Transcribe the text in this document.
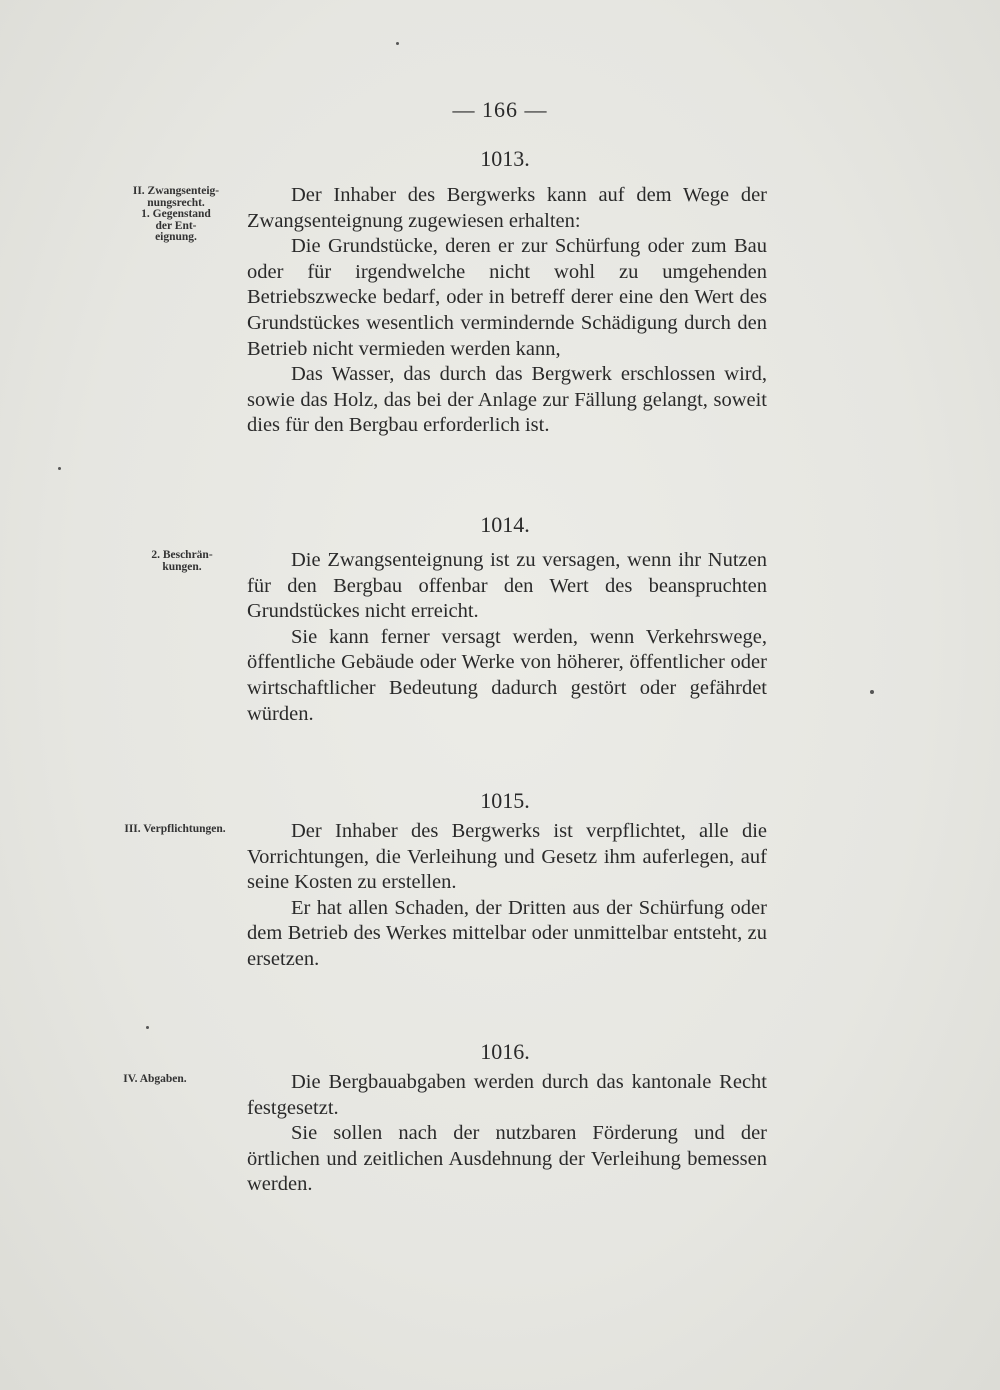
— 166 —
1013.
II. Zwangsenteig-
nungsrecht.
1. Gegenstand
der Ent-
eignung.

Der Inhaber des Bergwerks kann auf dem Wege der Zwangsenteignung zugewiesen erhalten:

Die Grundstücke, deren er zur Schürfung oder zum Bau oder für irgendwelche nicht wohl zu umgehenden Betriebszwecke bedarf, oder in betreff derer eine den Wert des Grundstückes wesentlich vermindernde Schädigung durch den Betrieb nicht vermieden werden kann,

Das Wasser, das durch das Bergwerk erschlossen wird, sowie das Holz, das bei der Anlage zur Fällung gelangt, soweit dies für den Bergbau erforderlich ist.

1014.
2. Beschrän-
kungen.	Die Zwangsenteignung ist zu versagen, wenn ihr Nutzen für den Bergbau offenbar den Wert des beanspruchten Grundstückes nicht erreicht.

Sie kann ferner versagt werden, wenn Verkehrswege, öffentliche Gebäude oder Werke von höherer, öffentlicher oder wirtschaftlicher Bedeutung dadurch gestört oder gefährdet würden.

1015.
III. Verpflichtungen.	Der Inhaber des Bergwerks ist verpflichtet, alle die Vorrichtungen, die Verleihung und Gesetz ihm auferlegen, auf seine Kosten zu erstellen.

Er hat allen Schaden, der Dritten aus der Schürfung oder dem Betrieb des Werkes mittelbar oder unmittelbar entsteht, zu ersetzen.

1016.
IV. Abgaben.	Die Bergbauabgaben werden durch das kantonale Recht festgesetzt.

Sie sollen nach der nutzbaren Förderung und der örtlichen und zeitlichen Ausdehnung der Verleihung bemessen werden.
